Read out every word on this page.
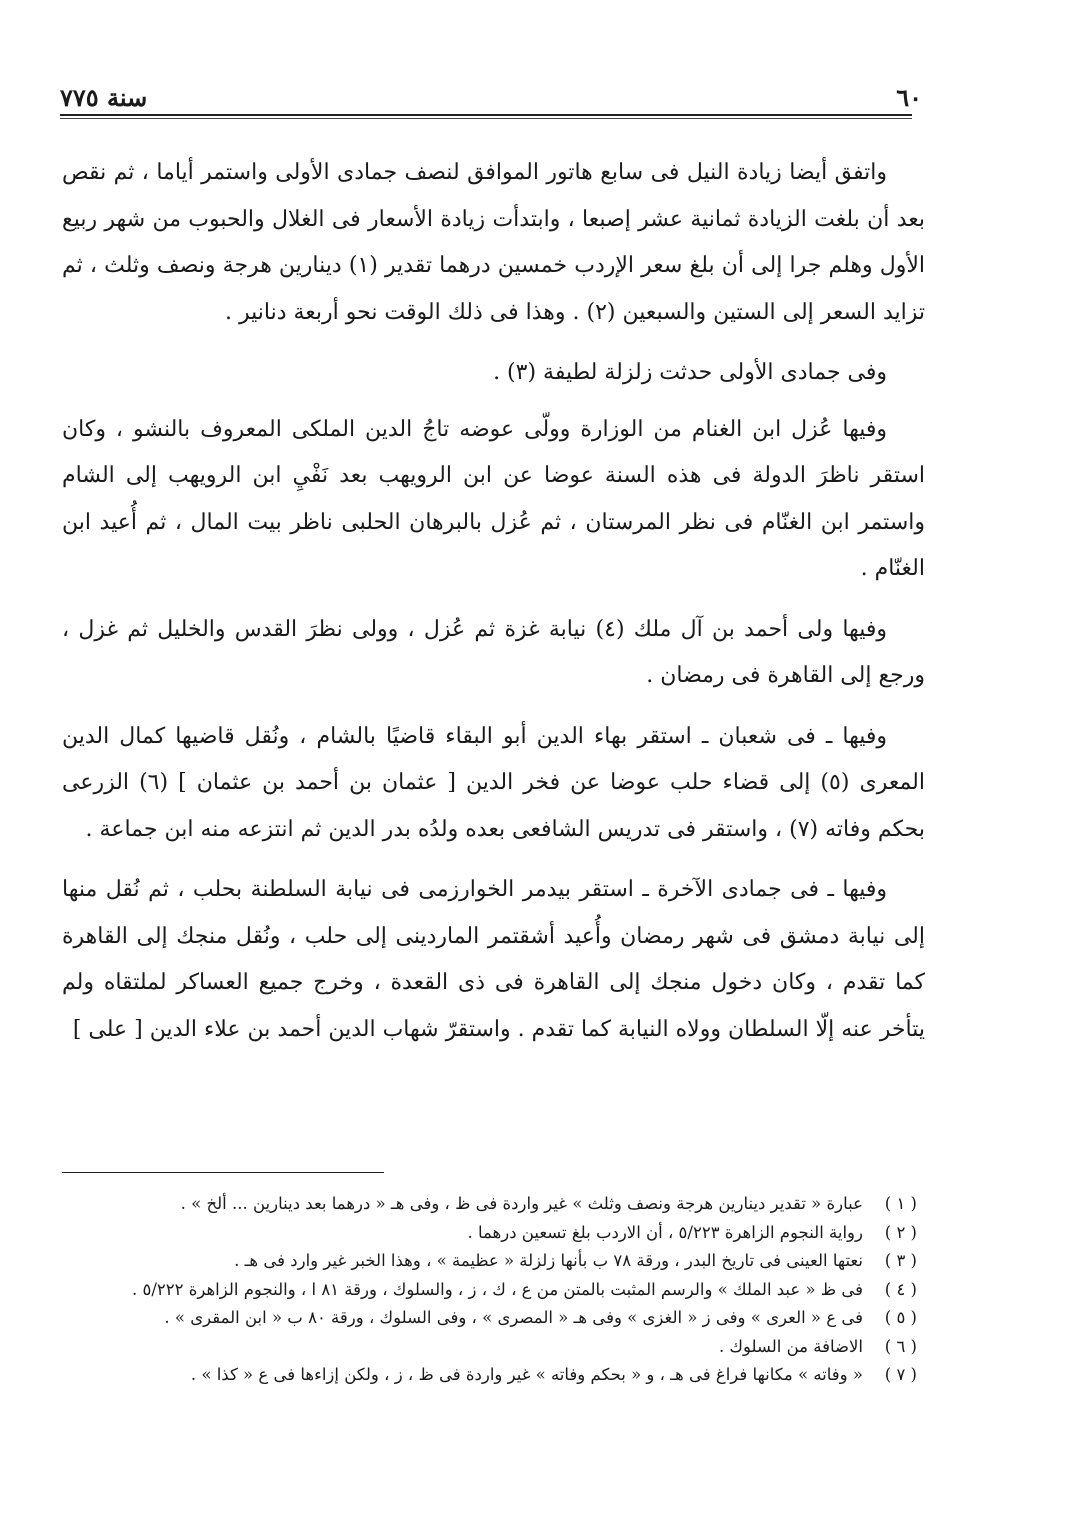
٦٠
سنة ٧٧٥

واتفق أيضا زيادة النيل فى سابع هاتور الموافق لنصف جمادى الأولى واستمر أياما ، ثم نقص بعد أن بلغت الزيادة ثمانية عشر إصبعا ، وابتدأت زيادة الأسعار فى الغلال والحبوب من شهر ربيع الأول وهلم جرا إلى أن بلغ سعر الإردب خمسين درهما تقدير (١) دينارين هرجة ونصف وثلث ، ثم تزايد السعر إلى الستين والسبعين (٢) . وهذا فى ذلك الوقت نحو أربعة دنانير .

وفى جمادى الأولى حدثت زلزلة لطيفة (٣) .

وفيها عُزل ابن الغنام من الوزارة وولّى عوضه تاجُ الدين الملكى المعروف بالنشو ، وكان استقر ناظرَ الدولة فى هذه السنة عوضا عن ابن الرويهب بعد نَفْيِ ابن الرويهب إلى الشام واستمر ابن الغنّام فى نظر المرستان ، ثم عُزل بالبرهان الحلبى ناظر بيت المال ، ثم أُعيد ابن الغنّام .

وفيها ولى أحمد بن آل ملك (٤) نيابة غزة ثم عُزل ، وولى نظرَ القدس والخليل ثم غزل ، ورجع إلى القاهرة فى رمضان .

وفيها ـ فى شعبان ـ استقر بهاء الدين أبو البقاء قاضيًا بالشام ، ونُقل قاضيها كمال الدين المعرى (٥) إلى قضاء حلب عوضا عن فخر الدين [ عثمان بن أحمد بن عثمان ] (٦) الزرعى بحكم وفاته (٧) ، واستقر فى تدريس الشافعى بعده ولدُه بدر الدين ثم انتزعه منه ابن جماعة .

وفيها ـ فى جمادى الآخرة ـ استقر بيدمر الخوارزمى فى نيابة السلطنة بحلب ، ثم نُقل منها إلى نيابة دمشق فى شهر رمضان وأُعيد أشقتمر الماردينى إلى حلب ، ونُقل منجك إلى القاهرة كما تقدم ، وكان دخول منجك إلى القاهرة فى ذى القعدة ، وخرج جميع العساكر لملتقاه ولم يتأخر عنه إلّا السلطان وولاه النيابة كما تقدم . واستقرّ شهاب الدين أحمد بن علاء الدين [ على ]

( ١ )
عبارة « تقدير دينارين هرجة ونصف وثلث » غير واردة فى ظ ، وفى هـ « درهما بعد دينارين ... ألخ » .
( ٢ )
رواية النجوم الزاهرة ٥/٢٢٣ ، أن الاردب بلغ تسعين درهما .
( ٣ )
نعتها العينى فى تاريخ البدر ، ورقة ٧٨ ب بأنها زلزلة « عظيمة » ، وهذا الخبر غير وارد فى هـ .
( ٤ )
فى ظ « عبد الملك » والرسم المثبت بالمتن من ع ، ك ، ز ، والسلوك ، ورقة ٨١ ا ، والنجوم الزاهرة ٥/٢٢٢ .
( ٥ )
فى ع « العرى » وفى ز « الغزى » وفى هـ « المصرى » ، وفى السلوك ، ورقة ٨٠ ب « ابن المقرى » .
( ٦ )
الاضافة من السلوك .
( ٧ )
« وفاته » مكانها فراغ فى هـ ، و « بحكم وفاته » غير واردة فى ظ ، ز ، ولكن إزاءها فى ع « كذا » .
